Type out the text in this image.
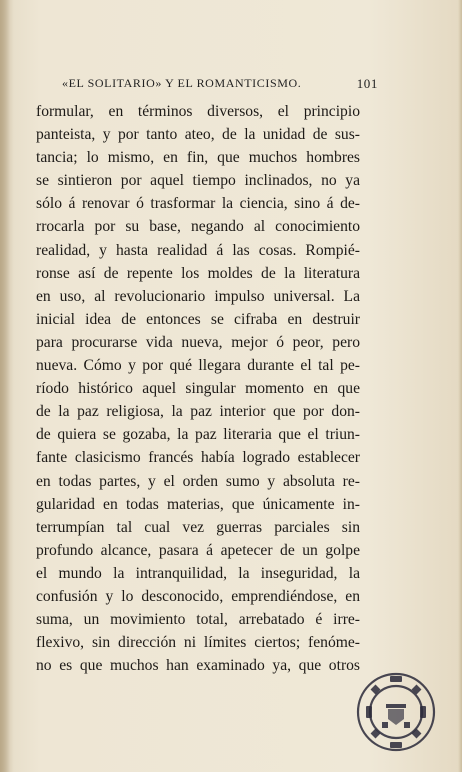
«EL SOLITARIO» Y EL ROMANTICISMO.	101
formular, en términos diversos, el principio
panteista, y por tanto ateo, de la unidad de sus-
tancia; lo mismo, en fin, que muchos hombres
se sintieron por aquel tiempo inclinados, no ya
sólo á renovar ó trasformar la ciencia, sino á de-
rrocarla por su base, negando al conocimiento
realidad, y hasta realidad á las cosas. Rompié-
ronse así de repente los moldes de la literatura
en uso, al revolucionario impulso universal. La
inicial idea de entonces se cifraba en destruir
para procurarse vida nueva, mejor ó peor, pero
nueva. Cómo y por qué llegara durante el tal pe-
ríodo histórico aquel singular momento en que
de la paz religiosa, la paz interior que por don-
de quiera se gozaba, la paz literaria que el triun-
fante clasicismo francés había logrado establecer
en todas partes, y el orden sumo y absoluta re-
gularidad en todas materias, que únicamente in-
terrumpían tal cual vez guerras parciales sin
profundo alcance, pasara á apetecer de un golpe
el mundo la intranquilidad, la inseguridad, la
confusión y lo desconocido, emprendiéndose, en
suma, un movimiento total, arrebatado é irre-
flexivo, sin dirección ni límites ciertos; fenóme-
no es que muchos han examinado ya, que otros
